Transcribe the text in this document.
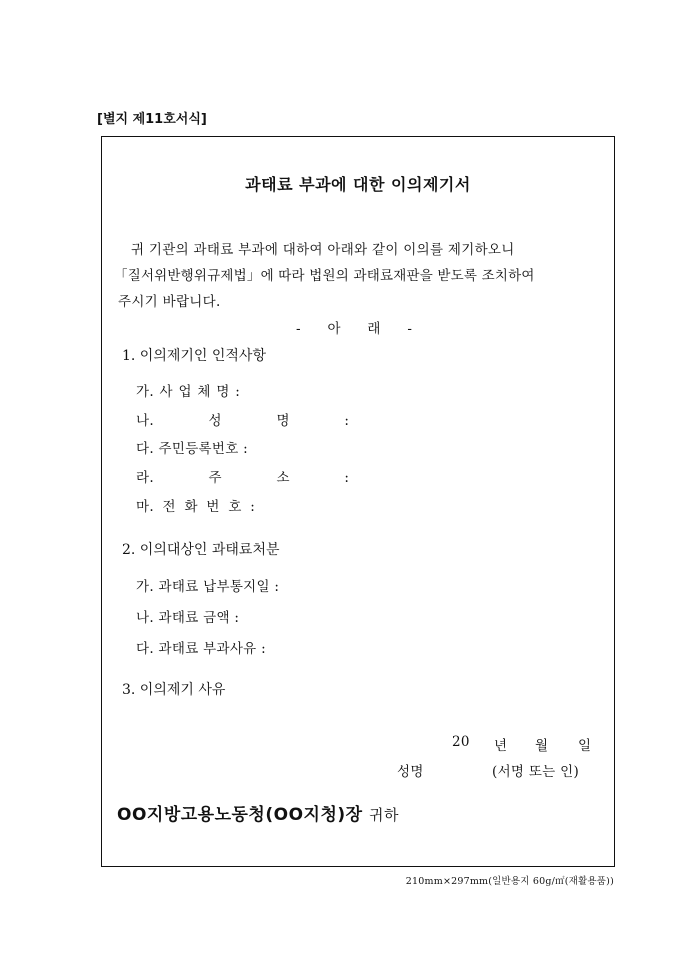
[별지 제11호서식]
과태료 부과에 대한 이의제기서
귀 기관의 과태료 부과에 대하여 아래와 같이 이의를 제기하오니
「질서위반행위규제법」에 따라 법원의 과태료재판을 받도록 조치하여
주시기 바랍니다.
- 아 래 -
1. 이의제기인 인적사항
가. 사 업 체 명 :
나. 성 명 :
다. 주민등록번호 :
라. 주 소 :
마. 전 화 번 호 :
2. 이의대상인 과태료처분
가. 과태료 납부통지일 :
나. 과태료 금액 :
다. 과태료 부과사유 :
3. 이의제기 사유
20 년 월 일
성명	(서명 또는 인)
OO지방고용노동청(OO지청)장 귀하
210mm×297mm(일반용지 60g/㎡(재활용품))
